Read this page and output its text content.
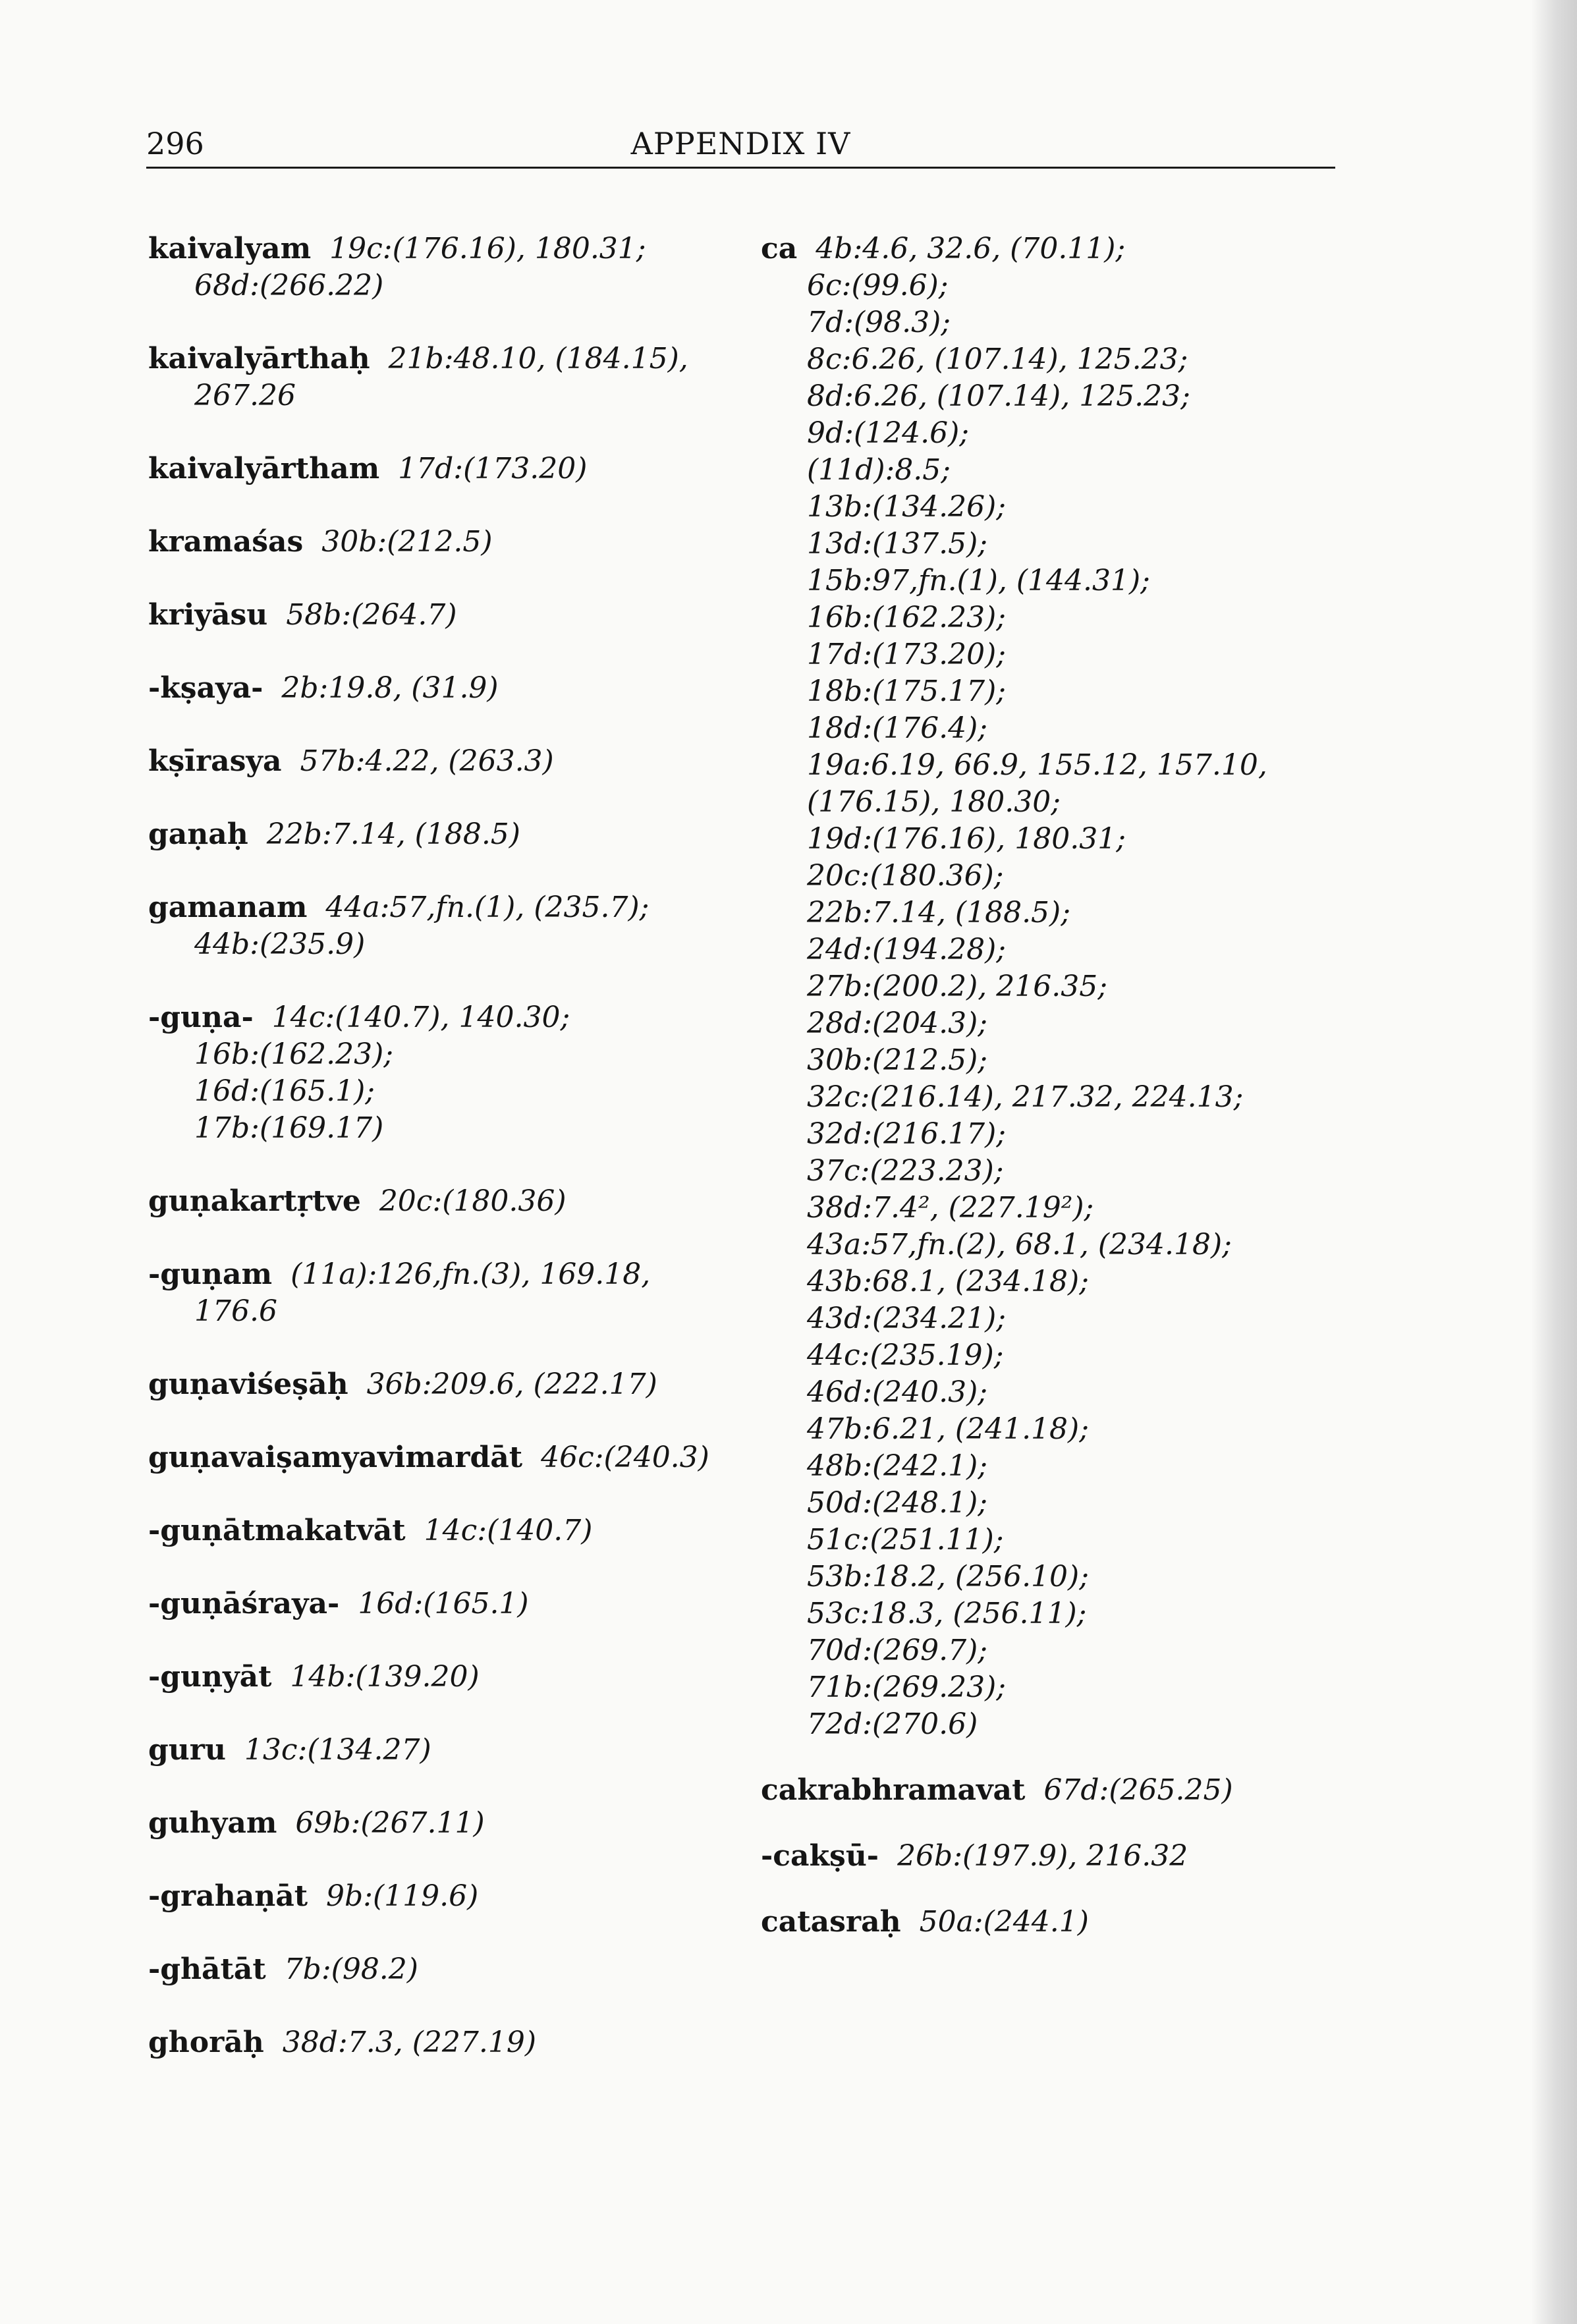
296	APPENDIX IV
kaivalyam 19c:(176.16), 180.31;
68d:(266.22)
kaivalyārthaḥ 21b:48.10, (184.15),
267.26
kaivalyārtham 17d:(173.20)
kramaśas 30b:(212.5)
kriyāsu 58b:(264.7)
-kṣaya- 2b:19.8, (31.9)
kṣīrasya 57b:4.22, (263.3)
gaṇaḥ 22b:7.14, (188.5)
gamanam 44a:57,fn.(1), (235.7);
44b:(235.9)
-guṇa- 14c:(140.7), 140.30;
16b:(162.23);
16d:(165.1);
17b:(169.17)
guṇakartṛtve 20c:(180.36)
-guṇam (11a):126,fn.(3), 169.18,
176.6
guṇaviśeṣāḥ 36b:209.6, (222.17)
guṇavaiṣamyavimardāt 46c:(240.3)
-guṇātmakatvāt 14c:(140.7)
-guṇāśraya- 16d:(165.1)
-guṇyāt 14b:(139.20)
guru 13c:(134.27)
guhyam 69b:(267.11)
-grahaṇāt 9b:(119.6)
-ghātāt 7b:(98.2)
ghorāḥ 38d:7.3, (227.19)
ca 4b:4.6, 32.6, (70.11);
6c:(99.6);
7d:(98.3);
8c:6.26, (107.14), 125.23;
8d:6.26, (107.14), 125.23;
9d:(124.6);
(11d):8.5;
13b:(134.26);
13d:(137.5);
15b:97,fn.(1), (144.31);
16b:(162.23);
17d:(173.20);
18b:(175.17);
18d:(176.4);
19a:6.19, 66.9, 155.12, 157.10,
(176.15), 180.30;
19d:(176.16), 180.31;
20c:(180.36);
22b:7.14, (188.5);
24d:(194.28);
27b:(200.2), 216.35;
28d:(204.3);
30b:(212.5);
32c:(216.14), 217.32, 224.13;
32d:(216.17);
37c:(223.23);
38d:7.4², (227.19²);
43a:57,fn.(2), 68.1, (234.18);
43b:68.1, (234.18);
43d:(234.21);
44c:(235.19);
46d:(240.3);
47b:6.21, (241.18);
48b:(242.1);
50d:(248.1);
51c:(251.11);
53b:18.2, (256.10);
53c:18.3, (256.11);
70d:(269.7);
71b:(269.23);
72d:(270.6)
cakrabhramavat 67d:(265.25)
-cakṣū- 26b:(197.9), 216.32
catasraḥ 50a:(244.1)
